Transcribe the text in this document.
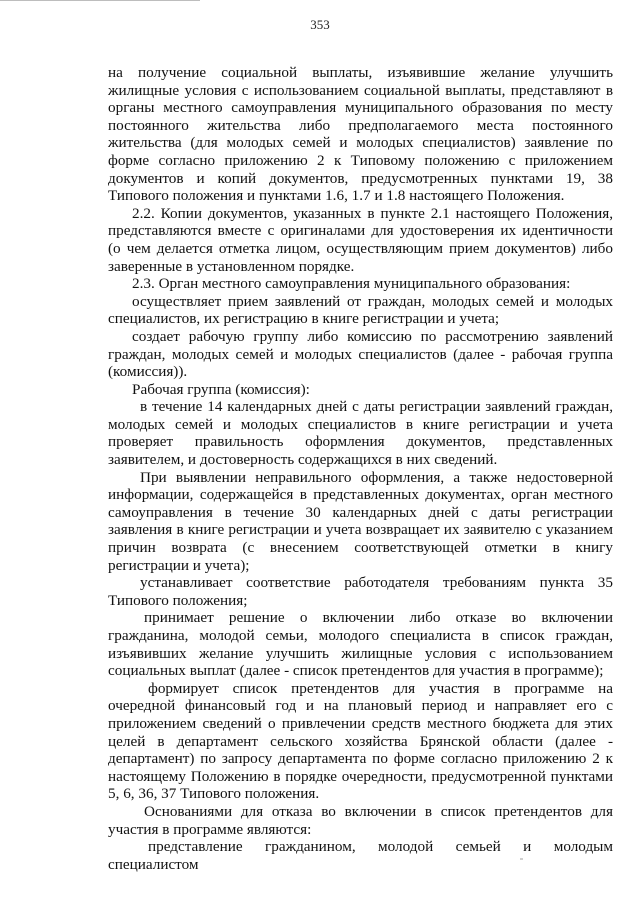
353

на получение социальной выплаты, изъявившие желание улучшить жилищные условия с использованием социальной выплаты, представляют в органы местного самоуправления муниципального образования по месту постоянного жительства либо предполагаемого места постоянного жительства (для молодых семей и молодых специалистов) заявление по форме согласно приложению 2 к Типовому положению с приложением документов и копий документов, предусмотренных пунктами 19, 38 Типового положения и пунктами 1.6, 1.7 и 1.8 настоящего Положения.

2.2. Копии документов, указанных в пункте 2.1 настоящего Положения, представляются вместе с оригиналами для удостоверения их идентичности (о чем делается отметка лицом, осуществляющим прием документов) либо заверенные в установленном порядке.

2.3. Орган местного самоуправления муниципального образования:

осуществляет прием заявлений от граждан, молодых семей и молодых специалистов, их регистрацию в книге регистрации и учета;

создает рабочую группу либо комиссию по рассмотрению заявлений граждан, молодых семей и молодых специалистов (далее - рабочая группа (комиссия)).

Рабочая группа (комиссия):

в течение 14 календарных дней с даты регистрации заявлений граждан, молодых семей и молодых специалистов в книге регистрации и учета проверяет правильность оформления документов, представленных заявителем, и достоверность содержащихся в них сведений.

При выявлении неправильного оформления, а также недостоверной информации, содержащейся в представленных документах, орган местного самоуправления в течение 30 календарных дней с даты регистрации заявления в книге регистрации и учета возвращает их заявителю с указанием причин возврата (с внесением соответствующей отметки в книгу регистрации и учета);

устанавливает соответствие работодателя требованиям пункта 35 Типового положения;

принимает решение о включении либо отказе во включении гражданина, молодой семьи, молодого специалиста в список граждан, изъявивших желание улучшить жилищные условия с использованием социальных выплат (далее - список претендентов для участия в программе);

формирует список претендентов для участия в программе на очередной финансовый год и на плановый период и направляет его с приложением сведений о привлечении средств местного бюджета для этих целей в департамент сельского хозяйства Брянской области (далее - департамент) по запросу департамента по форме согласно приложению 2 к настоящему Положению в порядке очередности, предусмотренной пунктами 5, 6, 36, 37 Типового положения.

Основаниями для отказа во включении в список претендентов для участия в программе являются:

представление гражданином, молодой семьей и молодым специалистом
